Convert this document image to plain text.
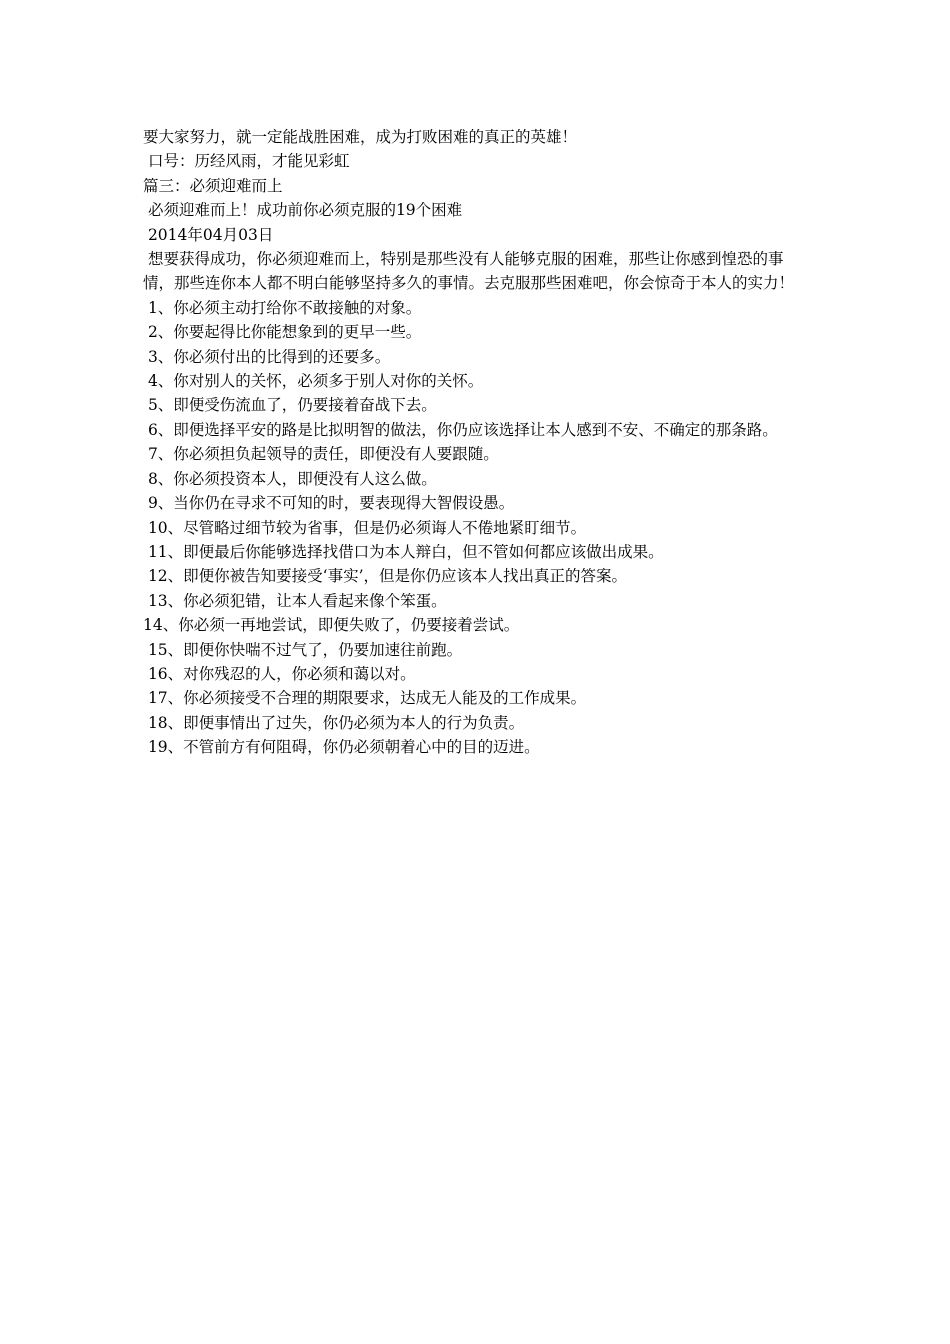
要大家努力，就一定能战胜困难，成为打败困难的真正的英雄！

口号：历经风雨，才能见彩虹

篇三：必须迎难而上

必须迎难而上！成功前你必须克服的19个困难

2014年04月03日

想要获得成功，你必须迎难而上，特别是那些没有人能够克服的困难，那些让你感到惶恐的事情，那些连你本人都不明白能够坚持多久的事情。去克服那些困难吧，你会惊奇于本人的实力！

1、你必须主动打给你不敢接触的对象。
2、你要起得比你能想象到的更早一些。
3、你必须付出的比得到的还要多。
4、你对别人的关怀，必须多于别人对你的关怀。
5、即便受伤流血了，仍要接着奋战下去。
6、即便选择平安的路是比拟明智的做法，你仍应该选择让本人感到不安、不确定的那条路。
7、你必须担负起领导的责任，即便没有人要跟随。
8、你必须投资本人，即便没有人这么做。
9、当你仍在寻求不可知的时，要表现得大智假设愚。
10、尽管略过细节较为省事，但是仍必须诲人不倦地紧盯细节。
11、即便最后你能够选择找借口为本人辩白，但不管如何都应该做出成果。
12、即便你被告知要接受‘事实’，但是你仍应该本人找出真正的答案。
13、你必须犯错，让本人看起来像个笨蛋。
14、你必须一再地尝试，即便失败了，仍要接着尝试。
15、即便你快喘不过气了，仍要加速往前跑。
16、对你残忍的人，你必须和蔼以对。
17、你必须接受不合理的期限要求，达成无人能及的工作成果。
18、即便事情出了过失，你仍必须为本人的行为负责。
19、不管前方有何阻碍，你仍必须朝着心中的目的迈进。
